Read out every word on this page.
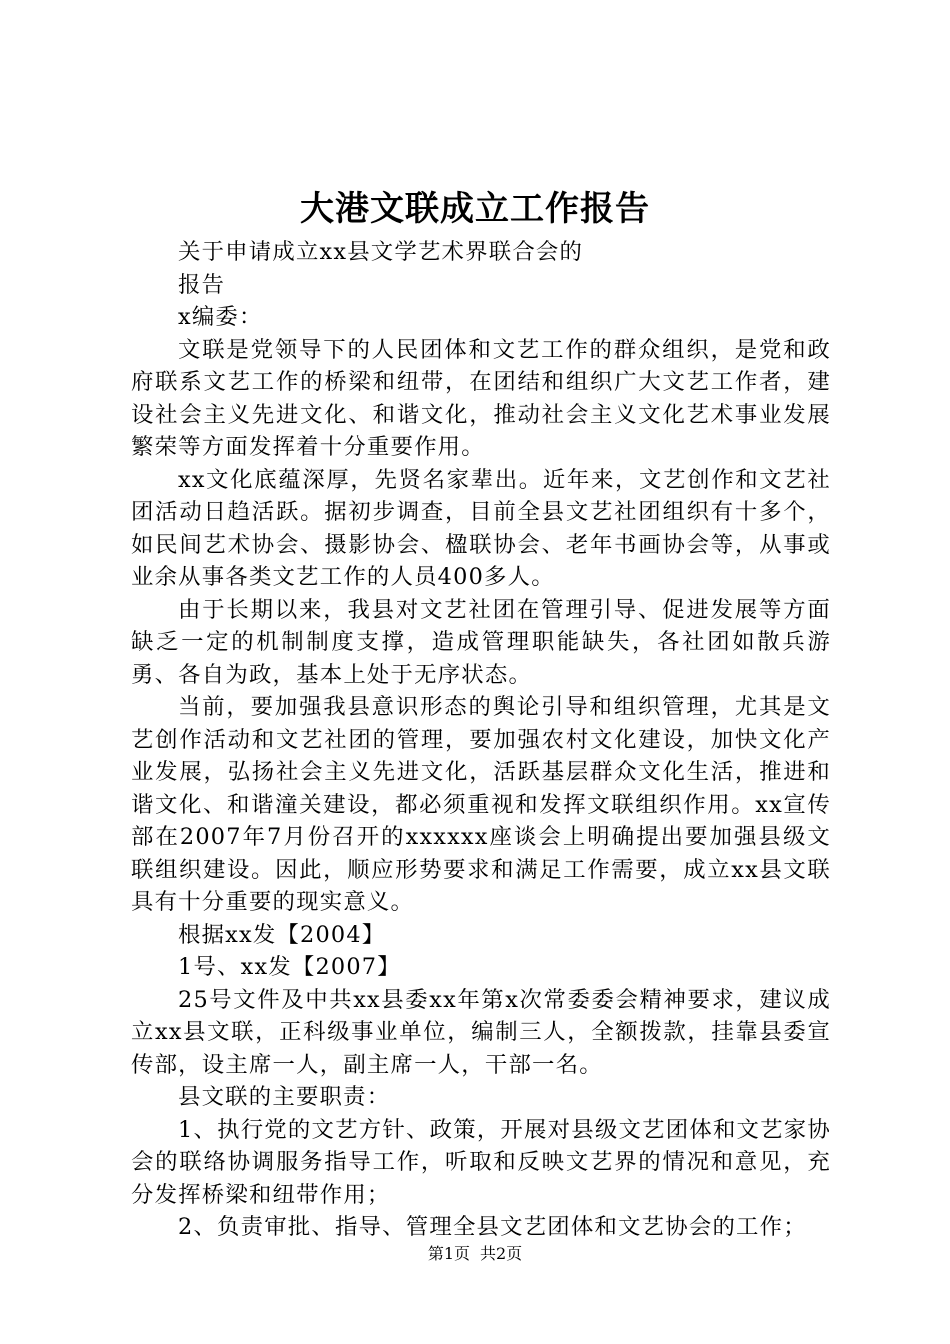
大港文联成立工作报告

关于申请成立xx县文学艺术界联合会的

报告

x编委：

文联是党领导下的人民团体和文艺工作的群众组织，是党和政府联系文艺工作的桥梁和纽带，在团结和组织广大文艺工作者，建设社会主义先进文化、和谐文化，推动社会主义文化艺术事业发展繁荣等方面发挥着十分重要作用。

xx文化底蕴深厚，先贤名家辈出。近年来，文艺创作和文艺社团活动日趋活跃。据初步调查，目前全县文艺社团组织有十多个，如民间艺术协会、摄影协会、楹联协会、老年书画协会等，从事或业余从事各类文艺工作的人员400多人。

由于长期以来，我县对文艺社团在管理引导、促进发展等方面缺乏一定的机制制度支撑，造成管理职能缺失，各社团如散兵游勇、各自为政，基本上处于无序状态。

当前，要加强我县意识形态的舆论引导和组织管理，尤其是文艺创作活动和文艺社团的管理，要加强农村文化建设，加快文化产业发展，弘扬社会主义先进文化，活跃基层群众文化生活，推进和谐文化、和谐潼关建设，都必须重视和发挥文联组织作用。xx宣传部在2007年7月份召开的xxxxxx座谈会上明确提出要加强县级文联组织建设。因此，顺应形势要求和满足工作需要，成立xx县文联具有十分重要的现实意义。

根据xx发【2004】

1号、xx发【2007】

25号文件及中共xx县委xx年第x次常委委会精神要求，建议成立xx县文联，正科级事业单位，编制三人，全额拨款，挂靠县委宣传部，设主席一人，副主席一人，干部一名。

县文联的主要职责：

1、执行党的文艺方针、政策，开展对县级文艺团体和文艺家协会的联络协调服务指导工作，听取和反映文艺界的情况和意见，充分发挥桥梁和纽带作用；

2、负责审批、指导、管理全县文艺团体和文艺协会的工作；

第1页 共2页
